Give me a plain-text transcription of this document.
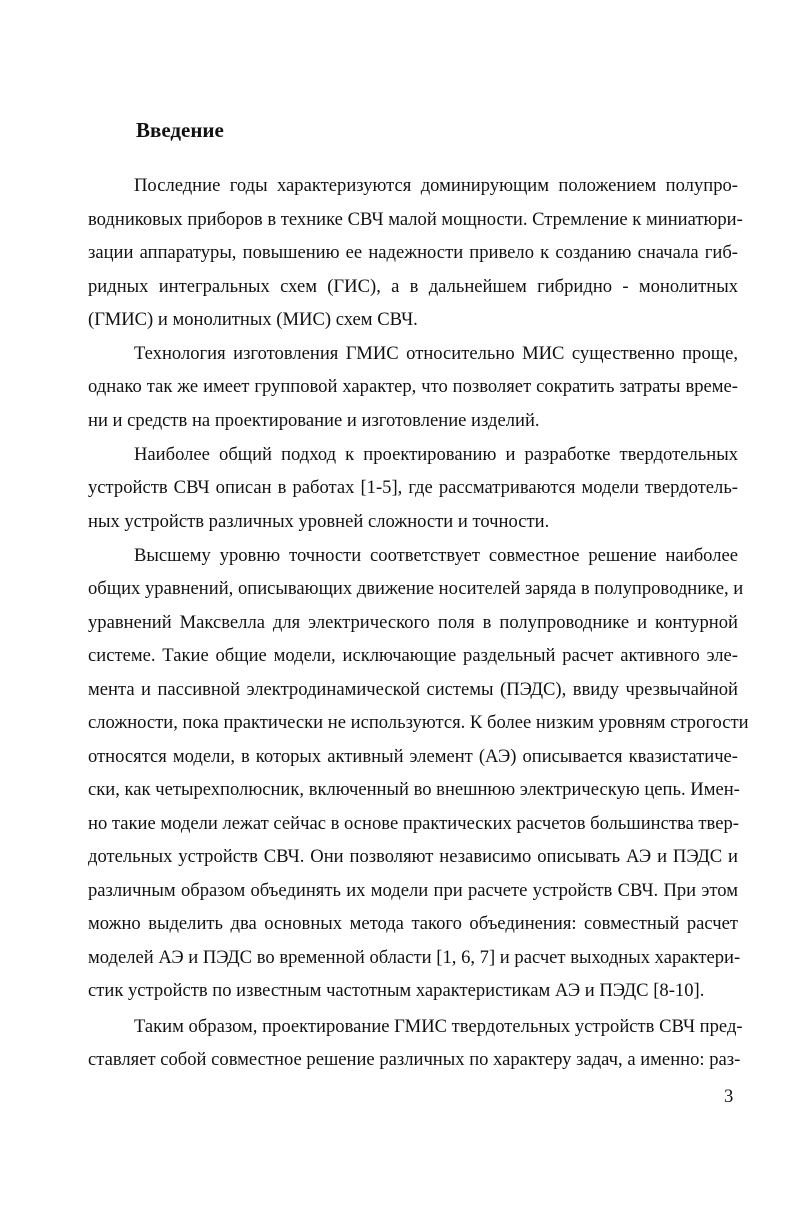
Введение

Последние годы характеризуются доминирующим положением полупро-

водниковых приборов в технике СВЧ малой мощности. Стремление к миниатюри-

зации аппаратуры, повышению ее надежности привело к созданию сначала гиб-

ридных интегральных схем (ГИС), а в дальнейшем гибридно - монолитных

(ГМИС) и монолитных (МИС) схем СВЧ.

Технология изготовления ГМИС относительно МИС существенно проще,

однако так же имеет групповой характер, что позволяет сократить затраты време-

ни и средств на проектирование и изготовление изделий.

Наиболее общий подход к проектированию и разработке твердотельных

устройств СВЧ описан в работах [1-5], где рассматриваются модели твердотель-

ных устройств различных уровней сложности и точности.

Высшему уровню точности соответствует совместное решение наиболее

общих уравнений, описывающих движение носителей заряда в полупроводнике, и

уравнений Максвелла для электрического поля в полупроводнике и контурной

системе. Такие общие модели, исключающие раздельный расчет активного эле-

мента и пассивной электродинамической системы (ПЭДС), ввиду чрезвычайной

сложности, пока практически не используются. К более низким уровням строгости

относятся модели, в которых активный элемент (АЭ) описывается квазистатиче-

ски, как четырехполюсник, включенный во внешнюю электрическую цепь. Имен-

но такие модели лежат сейчас в основе практических расчетов большинства твер-

дотельных устройств СВЧ. Они позволяют независимо описывать АЭ и ПЭДС и

различным образом объединять их модели при расчете устройств СВЧ. При этом

можно выделить два основных метода такого объединения: совместный расчет

моделей АЭ и ПЭДС во временной области [1, 6, 7] и расчет выходных характери-

стик устройств по известным частотным характеристикам АЭ и ПЭДС [8-10].

Таким образом, проектирование ГМИС твердотельных устройств СВЧ пред-

ставляет собой совместное решение различных по характеру задач, а именно: раз-

3
